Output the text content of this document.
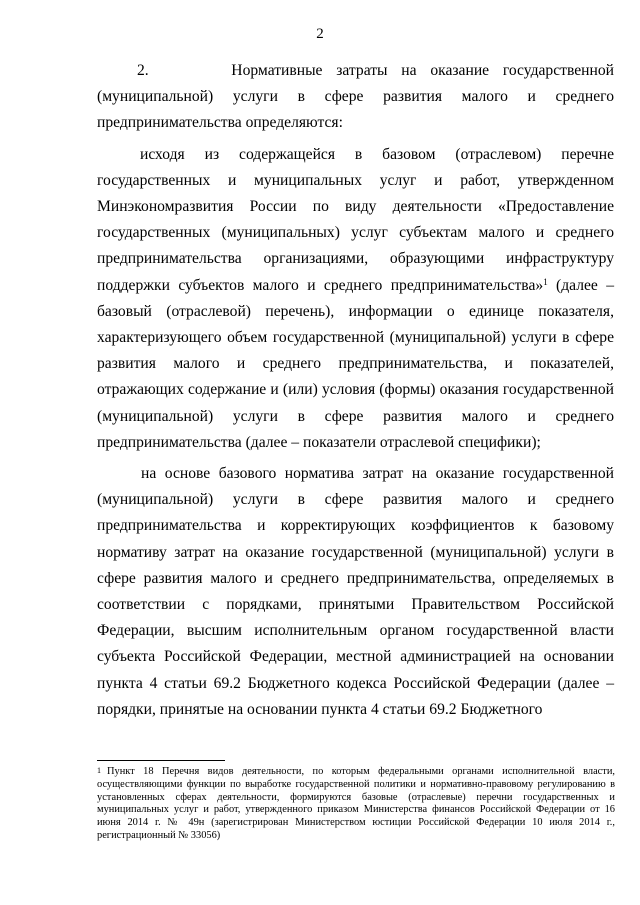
2

2.      Нормативные затраты на оказание государственной (муниципальной) услуги в сфере развития малого и среднего предпринимательства определяются:

исходя из содержащейся в базовом (отраслевом) перечне государственных и муниципальных услуг и работ, утвержденном Минэкономразвития России по виду деятельности «Предоставление государственных (муниципальных) услуг субъектам малого и среднего предпринимательства организациями, образующими инфраструктуру поддержки субъектов малого и среднего предпринимательства»$^1$ (далее – базовый (отраслевой) перечень), информации о единице показателя, характеризующего объем государственной (муниципальной) услуги в сфере развития малого и среднего предпринимательства, и показателей, отражающих содержание и (или) условия (формы) оказания государственной (муниципальной) услуги в сфере развития малого и среднего предпринимательства (далее – показатели отраслевой специфики);

на основе базового норматива затрат на оказание государственной (муниципальной) услуги в сфере развития малого и среднего предпринимательства и корректирующих коэффициентов к базовому нормативу затрат на оказание государственной (муниципальной) услуги в сфере развития малого и среднего предпринимательства, определяемых в соответствии с порядками, принятыми Правительством Российской Федерации, высшим исполнительным органом государственной власти субъекта Российской Федерации, местной администрацией на основании пункта 4 статьи 69.2 Бюджетного кодекса Российской Федерации (далее – порядки, принятые на основании пункта 4 статьи 69.2 Бюджетного

$^1$ Пункт 18 Перечня видов деятельности, по которым федеральными органами исполнительной власти, осуществляющими функции по выработке государственной политики и нормативно-правовому регулированию в установленных сферах деятельности, формируются базовые (отраслевые) перечни государственных и муниципальных услуг и работ, утвержденного приказом Министерства финансов Российской Федерации от 16 июня 2014 г. № 49н (зарегистрирован Министерством юстиции Российской Федерации 10 июля 2014 г., регистрационный № 33056)
